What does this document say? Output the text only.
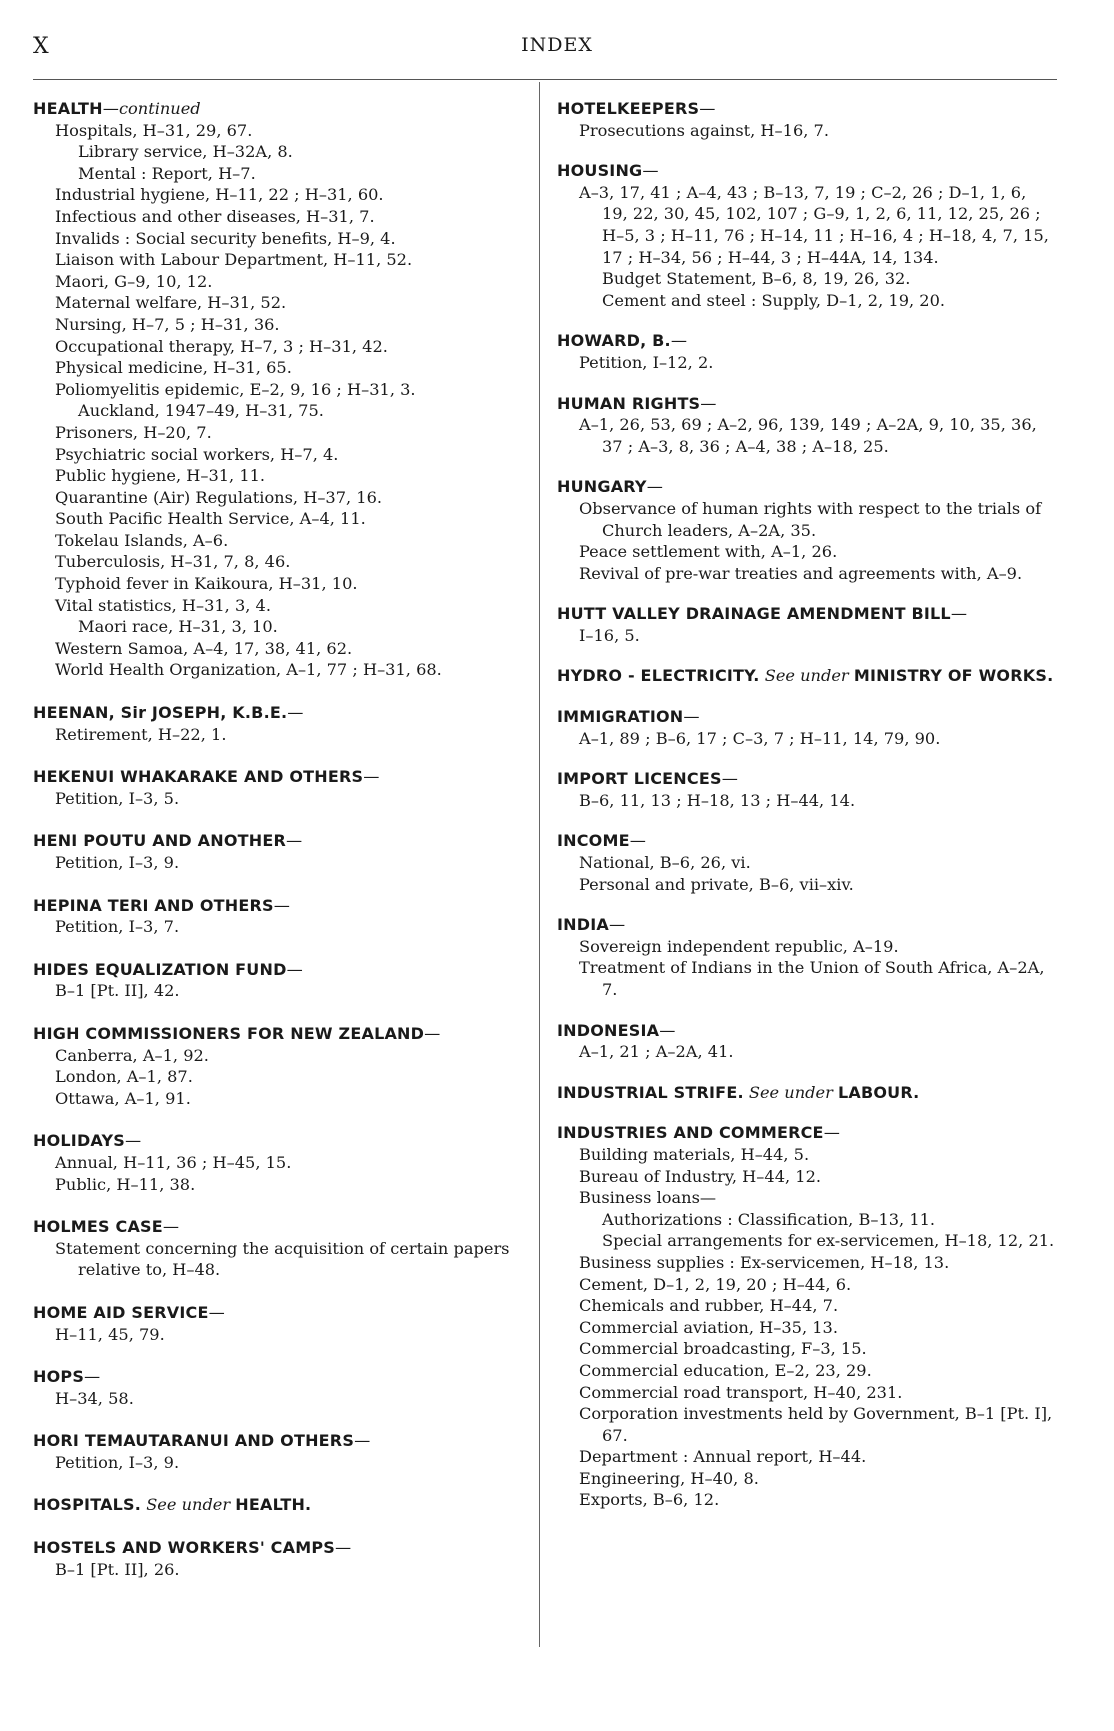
X	INDEX
HEALTH—continued
Hospitals, H–31, 29, 67.
Library service, H–32A, 8.
Mental : Report, H–7.
Industrial hygiene, H–11, 22 ; H–31, 60.
Infectious and other diseases, H–31, 7.
Invalids : Social security benefits, H–9, 4.
Liaison with Labour Department, H–11, 52.
Maori, G–9, 10, 12.
Maternal welfare, H–31, 52.
Nursing, H–7, 5 ; H–31, 36.
Occupational therapy, H–7, 3 ; H–31, 42.
Physical medicine, H–31, 65.
Poliomyelitis epidemic, E–2, 9, 16 ; H–31, 3.
Auckland, 1947–49, H–31, 75.
Prisoners, H–20, 7.
Psychiatric social workers, H–7, 4.
Public hygiene, H–31, 11.
Quarantine (Air) Regulations, H–37, 16.
South Pacific Health Service, A–4, 11.
Tokelau Islands, A–6.
Tuberculosis, H–31, 7, 8, 46.
Typhoid fever in Kaikoura, H–31, 10.
Vital statistics, H–31, 3, 4.
Maori race, H–31, 3, 10.
Western Samoa, A–4, 17, 38, 41, 62.
World Health Organization, A–1, 77 ; H–31, 68.
HEENAN, Sir JOSEPH, K.B.E.—
Retirement, H–22, 1.
HEKENUI WHAKARAKE AND OTHERS—
Petition, I–3, 5.
HENI POUTU AND ANOTHER—
Petition, I–3, 9.
HEPINA TERI AND OTHERS—
Petition, I–3, 7.
HIDES EQUALIZATION FUND—
B–1 [Pt. II], 42.
HIGH COMMISSIONERS FOR NEW ZEALAND—
Canberra, A–1, 92.
London, A–1, 87.
Ottawa, A–1, 91.
HOLIDAYS—
Annual, H–11, 36 ; H–45, 15.
Public, H–11, 38.
HOLMES CASE—
Statement concerning the acquisition of certain papers relative to, H–48.
HOME AID SERVICE—
H–11, 45, 79.
HOPS—
H–34, 58.
HORI TEMAUTARANUI AND OTHERS—
Petition, I–3, 9.
HOSPITALS. See under HEALTH.
HOSTELS AND WORKERS' CAMPS—
B–1 [Pt. II], 26.
HOTELKEEPERS—
Prosecutions against, H–16, 7.
HOUSING—
A–3, 17, 41 ; A–4, 43 ; B–13, 7, 19 ; C–2, 26 ; D–1, 1, 6, 19, 22, 30, 45, 102, 107 ; G–9, 1, 2, 6, 11, 12, 25, 26 ; H–5, 3 ; H–11, 76 ; H–14, 11 ; H–16, 4 ; H–18, 4, 7, 15, 17 ; H–34, 56 ; H–44, 3 ; H–44A, 14, 134.
Budget Statement, B–6, 8, 19, 26, 32.
Cement and steel : Supply, D–1, 2, 19, 20.
HOWARD, B.—
Petition, I–12, 2.
HUMAN RIGHTS—
A–1, 26, 53, 69 ; A–2, 96, 139, 149 ; A–2A, 9, 10, 35, 36, 37 ; A–3, 8, 36 ; A–4, 38 ; A–18, 25.
HUNGARY—
Observance of human rights with respect to the trials of Church leaders, A–2A, 35.
Peace settlement with, A–1, 26.
Revival of pre-war treaties and agreements with, A–9.
HUTT VALLEY DRAINAGE AMENDMENT BILL—
I–16, 5.
HYDRO - ELECTRICITY. See under MINISTRY OF WORKS.
IMMIGRATION—
A–1, 89 ; B–6, 17 ; C–3, 7 ; H–11, 14, 79, 90.
IMPORT LICENCES—
B–6, 11, 13 ; H–18, 13 ; H–44, 14.
INCOME—
National, B–6, 26, vi.
Personal and private, B–6, vii–xiv.
INDIA—
Sovereign independent republic, A–19.
Treatment of Indians in the Union of South Africa, A–2A, 7.
INDONESIA—
A–1, 21 ; A–2A, 41.
INDUSTRIAL STRIFE. See under LABOUR.
INDUSTRIES AND COMMERCE—
Building materials, H–44, 5.
Bureau of Industry, H–44, 12.
Business loans—
Authorizations : Classification, B–13, 11.
Special arrangements for ex-servicemen, H–18, 12, 21.
Business supplies : Ex-servicemen, H–18, 13.
Cement, D–1, 2, 19, 20 ; H–44, 6.
Chemicals and rubber, H–44, 7.
Commercial aviation, H–35, 13.
Commercial broadcasting, F–3, 15.
Commercial education, E–2, 23, 29.
Commercial road transport, H–40, 231.
Corporation investments held by Government, B–1 [Pt. I], 67.
Department : Annual report, H–44.
Engineering, H–40, 8.
Exports, B–6, 12.
